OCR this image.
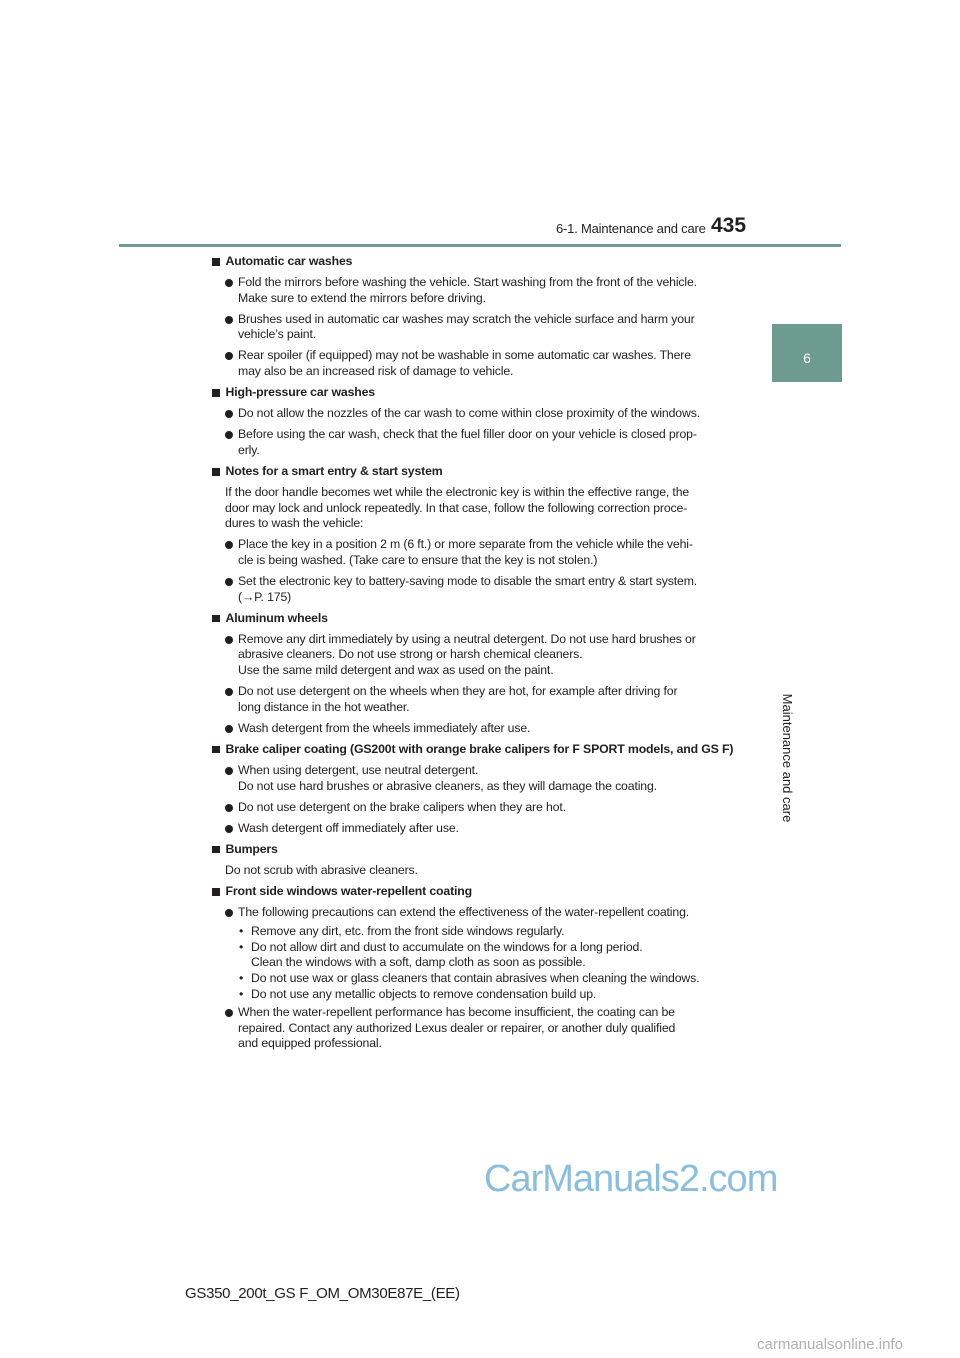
6-1. Maintenance and care 435
6
Maintenance and care
Automatic car washes
Fold the mirrors before washing the vehicle. Start washing from the front of the vehicle.
Make sure to extend the mirrors before driving.
Brushes used in automatic car washes may scratch the vehicle surface and harm your
vehicle’s paint.
Rear spoiler (if equipped) may not be washable in some automatic car washes. There
may also be an increased risk of damage to vehicle.
High-pressure car washes
Do not allow the nozzles of the car wash to come within close proximity of the windows.
Before using the car wash, check that the fuel filler door on your vehicle is closed prop-
erly.
Notes for a smart entry & start system
If the door handle becomes wet while the electronic key is within the effective range, the
door may lock and unlock repeatedly. In that case, follow the following correction proce-
dures to wash the vehicle:
Place the key in a position 2 m (6 ft.) or more separate from the vehicle while the vehi-
cle is being washed. (Take care to ensure that the key is not stolen.)
Set the electronic key to battery-saving mode to disable the smart entry & start system.
(→P. 175)
Aluminum wheels
Remove any dirt immediately by using a neutral detergent. Do not use hard brushes or
abrasive cleaners. Do not use strong or harsh chemical cleaners.
Use the same mild detergent and wax as used on the paint.
Do not use detergent on the wheels when they are hot, for example after driving for
long distance in the hot weather.
Wash detergent from the wheels immediately after use.
Brake caliper coating (GS200t with orange brake calipers for F SPORT models, and GS F)
When using detergent, use neutral detergent.
Do not use hard brushes or abrasive cleaners, as they will damage the coating.
Do not use detergent on the brake calipers when they are hot.
Wash detergent off immediately after use.
Bumpers
Do not scrub with abrasive cleaners.
Front side windows water-repellent coating
The following precautions can extend the effectiveness of the water-repellent coating.
• Remove any dirt, etc. from the front side windows regularly.
• Do not allow dirt and dust to accumulate on the windows for a long period.
Clean the windows with a soft, damp cloth as soon as possible.
• Do not use wax or glass cleaners that contain abrasives when cleaning the windows.
• Do not use any metallic objects to remove condensation build up.
When the water-repellent performance has become insufficient, the coating can be
repaired. Contact any authorized Lexus dealer or repairer, or another duly qualified
and equipped professional.
CarManuals2.com
carmanualsonline.info
GS350_200t_GS F_OM_OM30E87E_(EE)
